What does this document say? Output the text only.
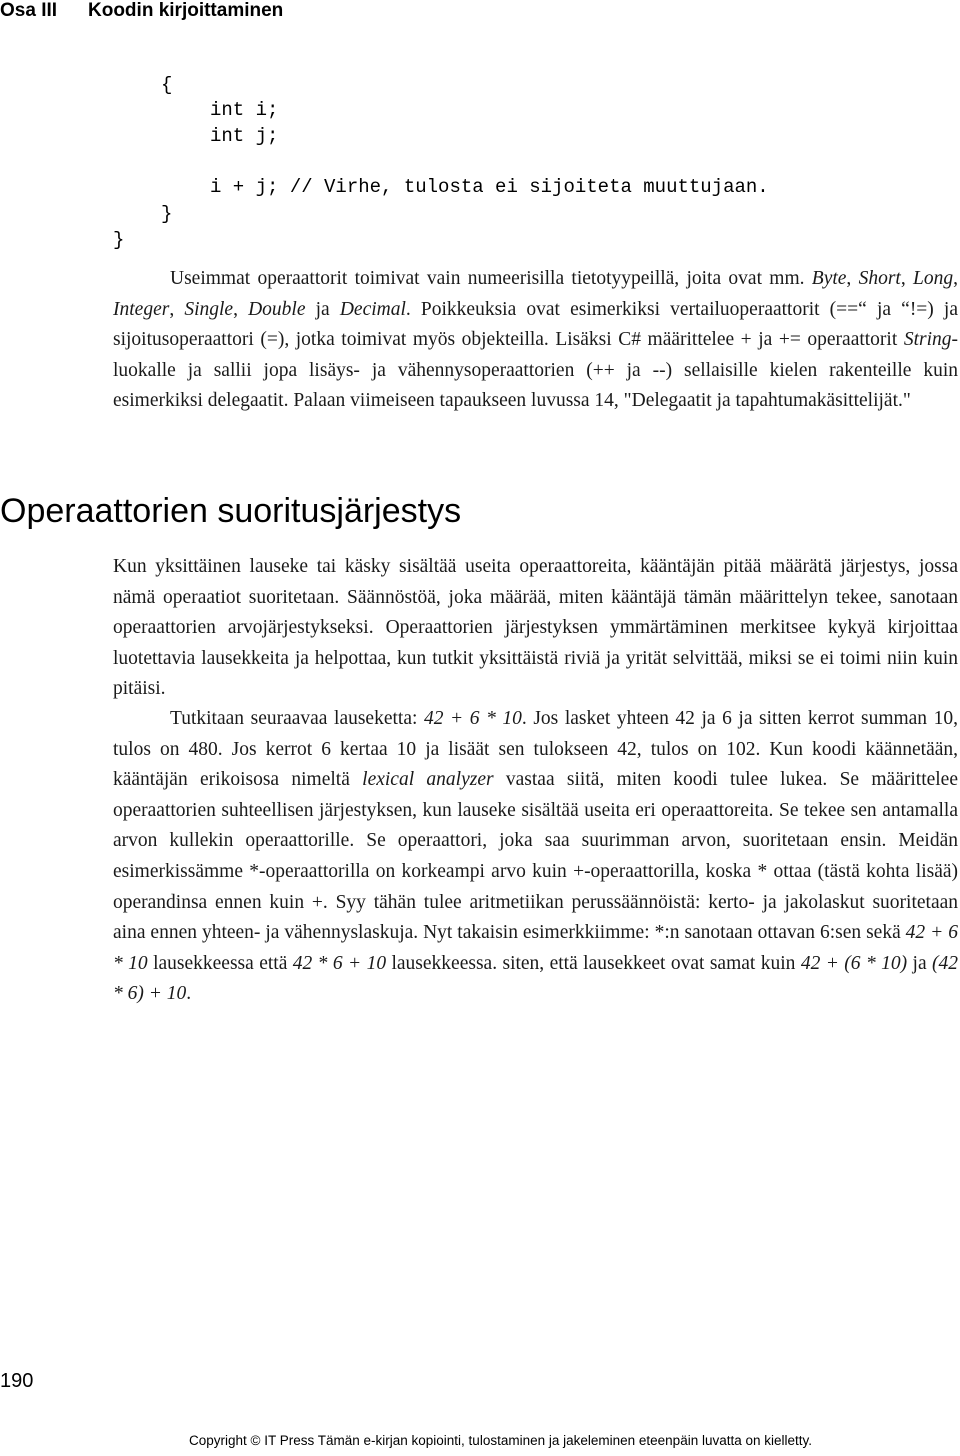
Osa III Koodin kirjoittaminen
{
int i;
int j;
i + j; // Virhe, tulosta ei sijoiteta muuttujaan.
}
}

Useimmat operaattorit toimivat vain numeerisilla tietotyypeillä, joita ovat mm. Byte, Short, Long, Integer, Single, Double ja Decimal. Poikkeuksia ovat esimerkiksi vertailuoperaattorit (==“ ja “!=) ja sijoitusoperaattori (=), jotka toimivat myös objekteilla. Lisäksi C# määrittelee + ja += operaattorit String-luokalle ja sallii jopa lisäys- ja vähennysoperaattorien (++ ja --) sellaisille kielen rakenteille kuin esimerkiksi delegaatit. Palaan viimeiseen tapaukseen luvussa 14, "Delegaatit ja tapahtumakäsittelijät."

Operaattorien suoritusjärjestys

Kun yksittäinen lauseke tai käsky sisältää useita operaattoreita, kääntäjän pitää määrätä järjestys, jossa nämä operaatiot suoritetaan. Säännöstöä, joka määrää, miten kääntäjä tämän määrittelyn tekee, sanotaan operaattorien arvojärjestykseksi. Operaattorien järjestyksen ymmärtäminen merkitsee kykyä kirjoittaa luotettavia lausekkeita ja helpottaa, kun tutkit yksittäistä riviä ja yrität selvittää, miksi se ei toimi niin kuin pitäisi.

Tutkitaan seuraavaa lauseketta: 42 + 6 * 10. Jos lasket yhteen 42 ja 6 ja sitten kerrot summan 10, tulos on 480. Jos kerrot 6 kertaa 10 ja lisäät sen tulokseen 42, tulos on 102. Kun koodi käännetään, kääntäjän erikoisosa nimeltä lexical analyzer vastaa siitä, miten koodi tulee lukea. Se määrittelee operaattorien suhteellisen järjestyksen, kun lauseke sisältää useita eri operaattoreita. Se tekee sen antamalla arvon kullekin operaattorille. Se operaattori, joka saa suurimman arvon, suoritetaan ensin. Meidän esimerkissämme *-operaattorilla on korkeampi arvo kuin +-operaattorilla, koska * ottaa (tästä kohta lisää) operandinsa ennen kuin +. Syy tähän tulee aritmetiikan perussäännöistä: kerto- ja jakolaskut suoritetaan aina ennen yhteen- ja vähennyslaskuja. Nyt takaisin esimerkkiimme: *:n sanotaan ottavan 6:sen sekä 42 + 6 * 10 lausekkeessa että 42 * 6 + 10 lausekkeessa. siten, että lausekkeet ovat samat kuin 42 + (6 * 10) ja (42 * 6) + 10.

190
Copyright © IT Press Tämän e-kirjan kopiointi, tulostaminen ja jakeleminen eteenpäin luvatta on kielletty.
